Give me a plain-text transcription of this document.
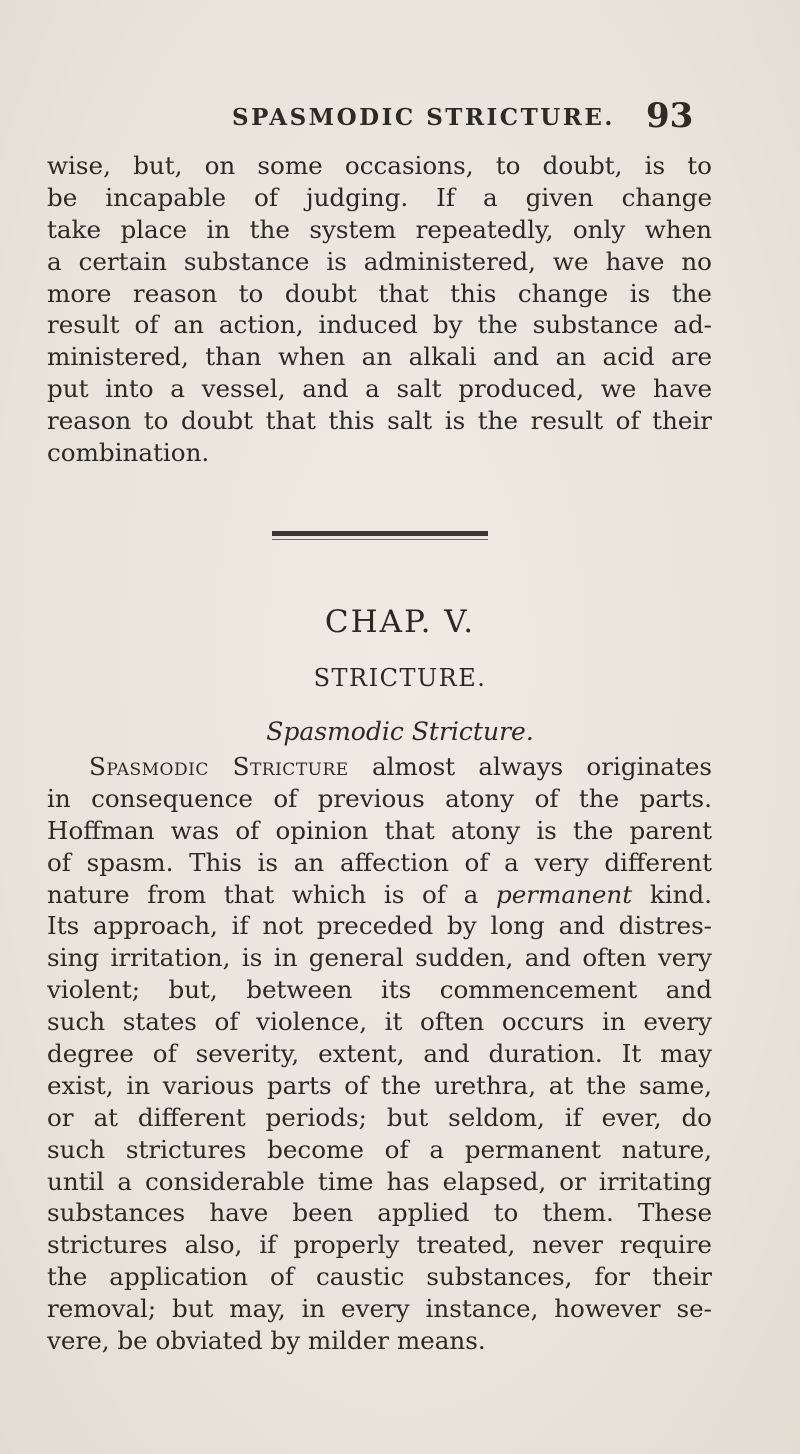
SPASMODIC STRICTURE. 93
wise, but, on some occasions, to doubt, is to
be incapable of judging. If a given change
take place in the system repeatedly, only when
a certain substance is administered, we have no
more reason to doubt that this change is the
result of an action, induced by the substance ad-
ministered, than when an alkali and an acid are
put into a vessel, and a salt produced, we have
reason to doubt that this salt is the result of their
combination.
CHAP. V.
STRICTURE.
Spasmodic Stricture.
Spasmodic Stricture almost always originates
in consequence of previous atony of the parts.
Hoffman was of opinion that atony is the parent
of spasm. This is an affection of a very different
nature from that which is of a permanent kind.
Its approach, if not preceded by long and distres-
sing irritation, is in general sudden, and often very
violent; but, between its commencement and
such states of violence, it often occurs in every
degree of severity, extent, and duration. It may
exist, in various parts of the urethra, at the same,
or at different periods; but seldom, if ever, do
such strictures become of a permanent nature,
until a considerable time has elapsed, or irritating
substances have been applied to them. These
strictures also, if properly treated, never require
the application of caustic substances, for their
removal; but may, in every instance, however se-
vere, be obviated by milder means.
